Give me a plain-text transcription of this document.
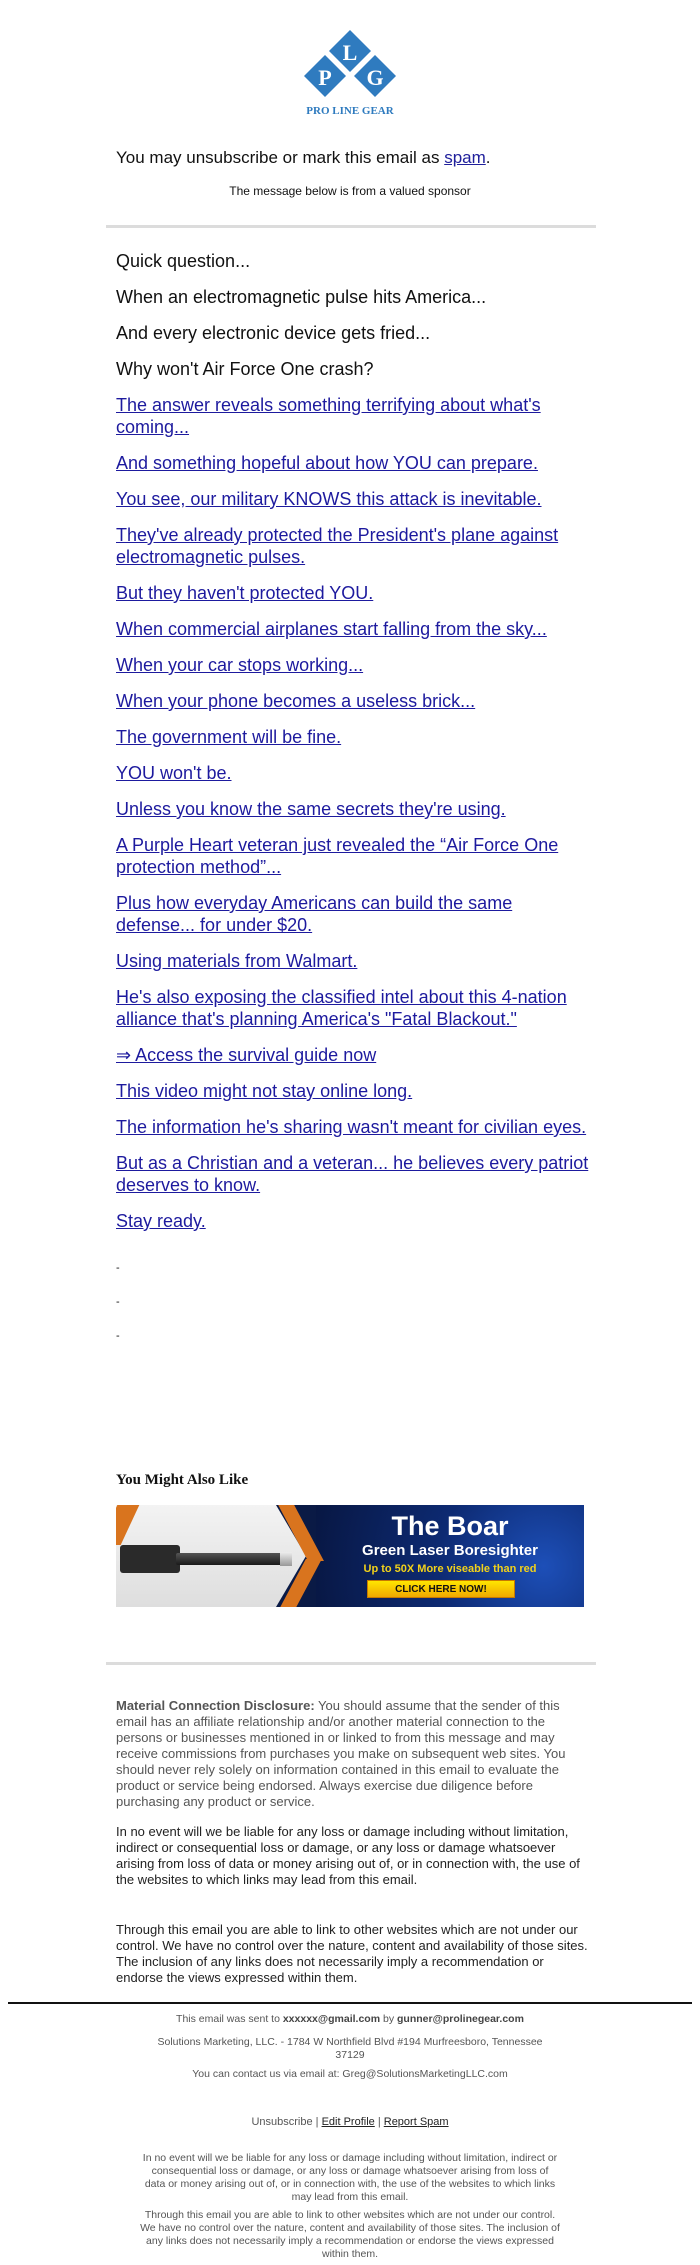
L
P G
PRO LINE GEAR
You may unsubscribe or mark this email as spam.
The message below is from a valued sponsor

Quick question...

When an electromagnetic pulse hits America...

And every electronic device gets fried...

Why won't Air Force One crash?

The answer reveals something terrifying about what's coming...

And something hopeful about how YOU can prepare.

You see, our military KNOWS this attack is inevitable.

They've already protected the President's plane against electromagnetic pulses.

But they haven't protected YOU.

When commercial airplanes start falling from the sky...

When your car stops working...

When your phone becomes a useless brick...

The government will be fine.

YOU won't be.

Unless you know the same secrets they're using.

A Purple Heart veteran just revealed the “Air Force One protection method”...

Plus how everyday Americans can build the same defense... for under $20.

Using materials from Walmart.

He's also exposing the classified intel about this 4-nation alliance that's planning America's "Fatal Blackout."

⇒ Access the survival guide now

This video might not stay online long.

The information he's sharing wasn't meant for civilian eyes.

But as a Christian and a veteran... he believes every patriot deserves to know.

Stay ready.

-

-

-

You Might Also Like
The Boar
Green Laser Boresighter
Up to 50X More viseable than red
CLICK HERE NOW!
Material Connection Disclosure: You should assume that the sender of this email has an affiliate relationship and/or another material connection to the persons or businesses mentioned in or linked to from this message and may receive commissions from purchases you make on subsequent web sites. You should never rely solely on information contained in this email to evaluate the product or service being endorsed. Always exercise due diligence before purchasing any product or service.
In no event will we be liable for any loss or damage including without limitation, indirect or consequential loss or damage, or any loss or damage whatsoever arising from loss of data or money arising out of, or in connection with, the use of the websites to which links may lead from this email.
Through this email you are able to link to other websites which are not under our control. We have no control over the nature, content and availability of those sites. The inclusion of any links does not necessarily imply a recommendation or endorse the views expressed within them.
This email was sent to xxxxxx@gmail.com by gunner@prolinegear.com
Solutions Marketing, LLC. - 1784 W Northfield Blvd #194 Murfreesboro, Tennessee 37129
You can contact us via email at: Greg@SolutionsMarketingLLC.com
Unsubscribe | Edit Profile | Report Spam
In no event will we be liable for any loss or damage including without limitation, indirect or consequential loss or damage, or any loss or damage whatsoever arising from loss of data or money arising out of, or in connection with, the use of the websites to which links may lead from this email.
Through this email you are able to link to other websites which are not under our control. We have no control over the nature, content and availability of those sites. The inclusion of any links does not necessarily imply a recommendation or endorse the views expressed within them.
